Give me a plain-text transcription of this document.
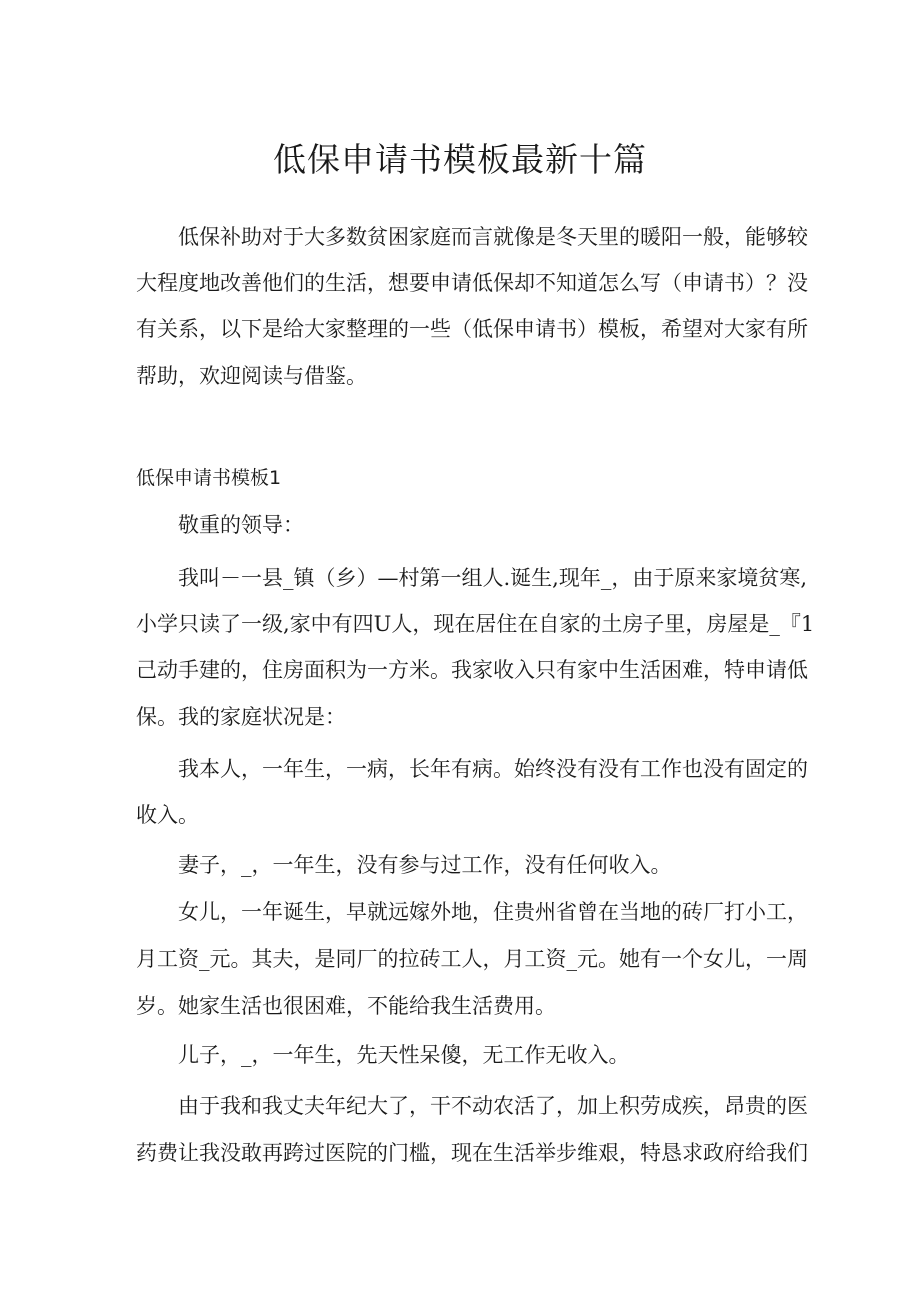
低保申请书模板最新十篇

低保补助对于大多数贫困家庭而言就像是冬天里的暖阳一般，能够较

大程度地改善他们的生活，想要申请低保却不知道怎么写（申请书）？没

有关系，以下是给大家整理的一些（低保申请书）模板，希望对大家有所

帮助，欢迎阅读与借鉴。

低保申请书模板1

敬重的领导：

我叫－一县_镇（乡）—村第一组人.诞生,现年_，由于原来家境贫寒,

小学只读了一级,家中有四U人，现在居住在自家的土房子里，房屋是_『1

己动手建的，住房面积为一方米。我家收入只有家中生活困难，特申请低

保。我的家庭状况是：

我本人，一年生，一病，长年有病。始终没有没有工作也没有固定的

收入。

妻子，_，一年生，没有参与过工作，没有任何收入。

女儿，一年诞生，早就远嫁外地，住贵州省曾在当地的砖厂打小工，

月工资_元。其夫，是同厂的拉砖工人，月工资_元。她有一个女儿，一周

岁。她家生活也很困难，不能给我生活费用。

儿子，_，一年生，先天性呆傻，无工作无收入。

由于我和我丈夫年纪大了，干不动农活了，加上积劳成疾，昂贵的医

药费让我没敢再跨过医院的门槛，现在生活举步维艰，特恳求政府给我们
